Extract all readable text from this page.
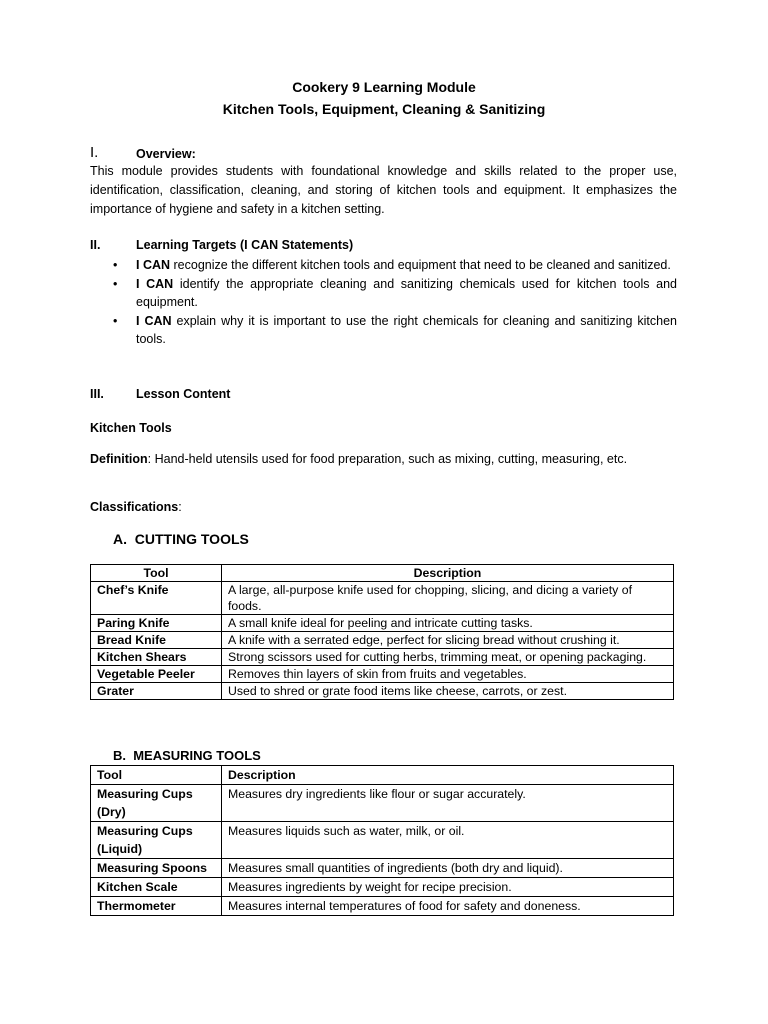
Cookery 9 Learning Module
Kitchen Tools, Equipment, Cleaning & Sanitizing
I.	Overview:
This module provides students with foundational knowledge and skills related to the proper use, identification, classification, cleaning, and storing of kitchen tools and equipment. It emphasizes the importance of hygiene and safety in a kitchen setting.
II.	Learning Targets (I CAN Statements)
• I CAN recognize the different kitchen tools and equipment that need to be cleaned and sanitized.
• I CAN identify the appropriate cleaning and sanitizing chemicals used for kitchen tools and equipment.
• I CAN explain why it is important to use the right chemicals for cleaning and sanitizing kitchen tools.
III.	Lesson Content
Kitchen Tools
Definition: Hand-held utensils used for food preparation, such as mixing, cutting, measuring, etc.
Classifications:
A.  CUTTING TOOLS
Tool	Description
Chef’s Knife	A large, all-purpose knife used for chopping, slicing, and dicing a variety of foods.
Paring Knife	A small knife ideal for peeling and intricate cutting tasks.
Bread Knife	A knife with a serrated edge, perfect for slicing bread without crushing it.
Kitchen Shears	Strong scissors used for cutting herbs, trimming meat, or opening packaging.
Vegetable Peeler	Removes thin layers of skin from fruits and vegetables.
Grater	Used to shred or grate food items like cheese, carrots, or zest.
B.  MEASURING TOOLS
Tool	Description
Measuring Cups (Dry)	Measures dry ingredients like flour or sugar accurately.
Measuring Cups (Liquid)	Measures liquids such as water, milk, or oil.
Measuring Spoons	Measures small quantities of ingredients (both dry and liquid).
Kitchen Scale	Measures ingredients by weight for recipe precision.
Thermometer	Measures internal temperatures of food for safety and doneness.
